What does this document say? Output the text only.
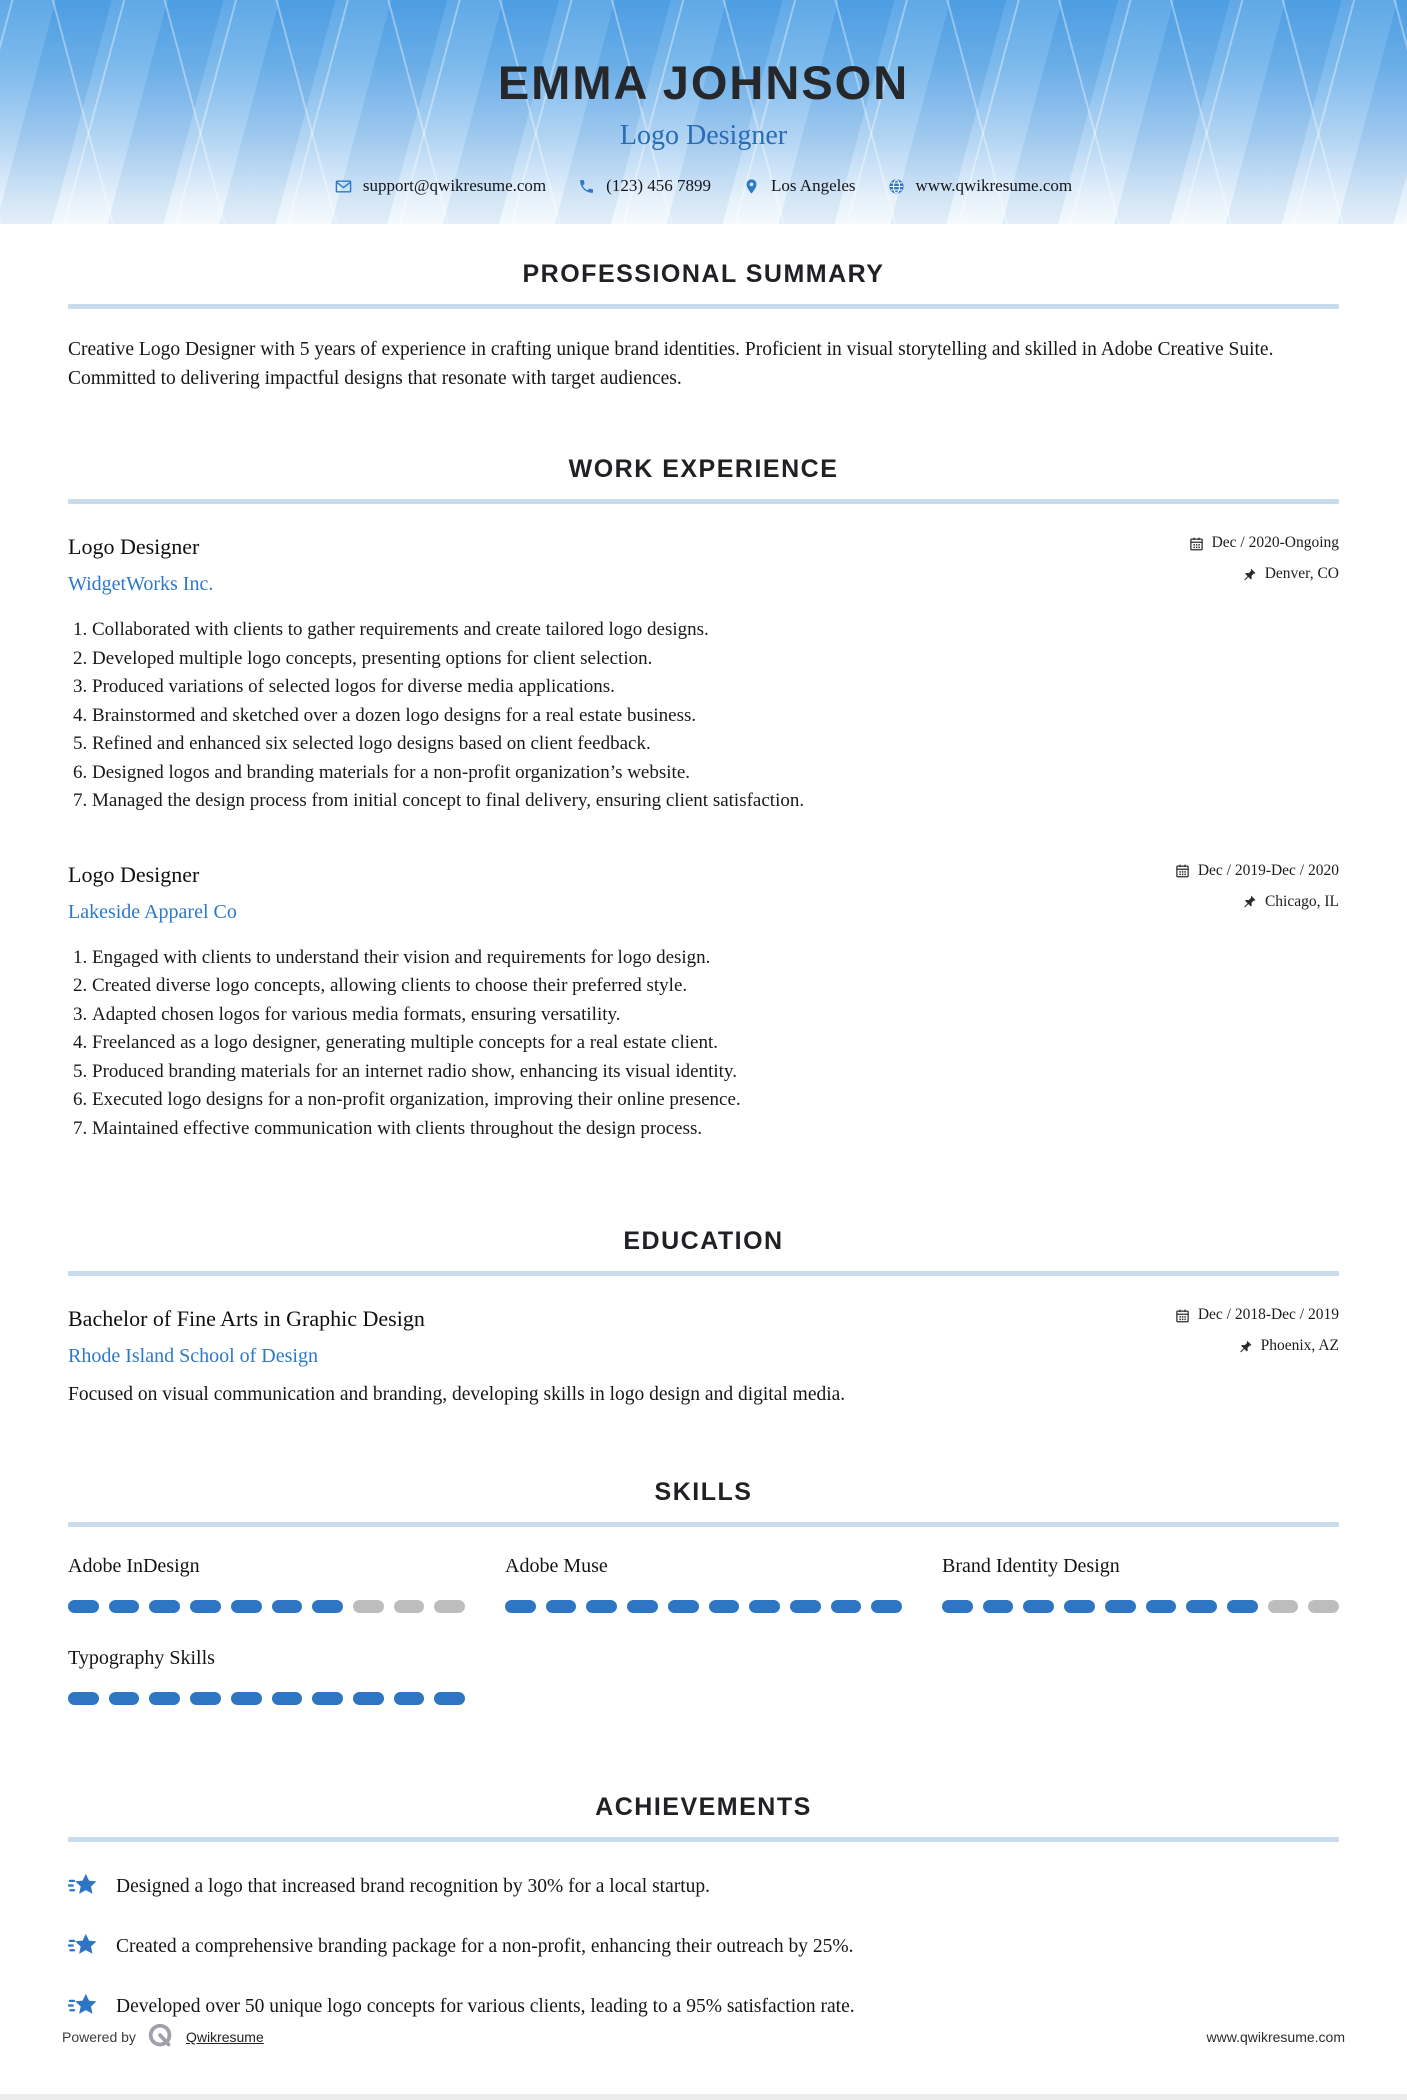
EMMA JOHNSON
Logo Designer
support@qwikresume.com	(123) 456 7899	Los Angeles	www.qwikresume.com
PROFESSIONAL SUMMARY

Creative Logo Designer with 5 years of experience in crafting unique brand identities. Proficient in visual storytelling and skilled in Adobe Creative Suite. Committed to delivering impactful designs that resonate with target audiences.

WORK EXPERIENCE
Logo Designer
WidgetWorks Inc.
Dec / 2020-Ongoing
Denver, CO
1. Collaborated with clients to gather requirements and create tailored logo designs.
2. Developed multiple logo concepts, presenting options for client selection.
3. Produced variations of selected logos for diverse media applications.
4. Brainstormed and sketched over a dozen logo designs for a real estate business.
5. Refined and enhanced six selected logo designs based on client feedback.
6. Designed logos and branding materials for a non-profit organization’s website.
7. Managed the design process from initial concept to final delivery, ensuring client satisfaction.
Logo Designer
Lakeside Apparel Co
Dec / 2019-Dec / 2020
Chicago, IL
1. Engaged with clients to understand their vision and requirements for logo design.
2. Created diverse logo concepts, allowing clients to choose their preferred style.
3. Adapted chosen logos for various media formats, ensuring versatility.
4. Freelanced as a logo designer, generating multiple concepts for a real estate client.
5. Produced branding materials for an internet radio show, enhancing its visual identity.
6. Executed logo designs for a non-profit organization, improving their online presence.
7. Maintained effective communication with clients throughout the design process.
EDUCATION
Bachelor of Fine Arts in Graphic Design
Rhode Island School of Design
Dec / 2018-Dec / 2019
Phoenix, AZ

Focused on visual communication and branding, developing skills in logo design and digital media.

SKILLS
Adobe InDesign	Adobe Muse	Brand Identity Design
Typography Skills
ACHIEVEMENTS
Designed a logo that increased brand recognition by 30% for a local startup.
Created a comprehensive branding package for a non-profit, enhancing their outreach by 25%.
Developed over 50 unique logo concepts for various clients, leading to a 95% satisfaction rate.
Powered by	Qwikresume	www.qwikresume.com
